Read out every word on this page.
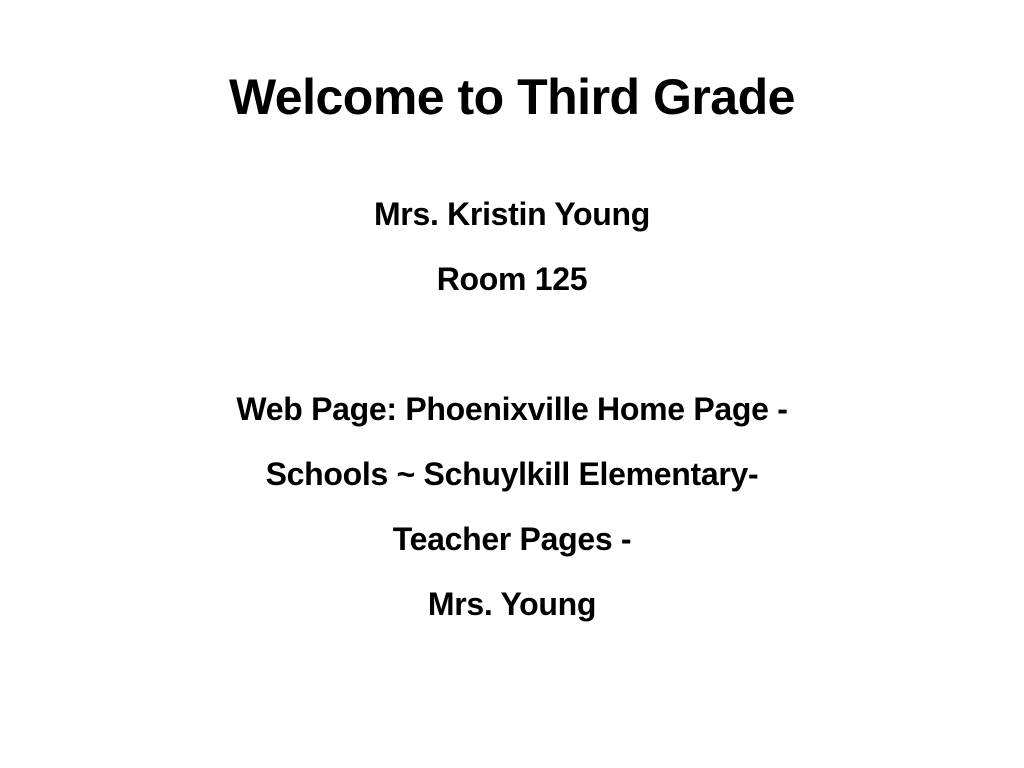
Welcome to Third Grade
Mrs. Kristin Young
Room 125
Web Page: Phoenixville Home Page -
Schools ~ Schuylkill Elementary-
Teacher Pages -
Mrs. Young
